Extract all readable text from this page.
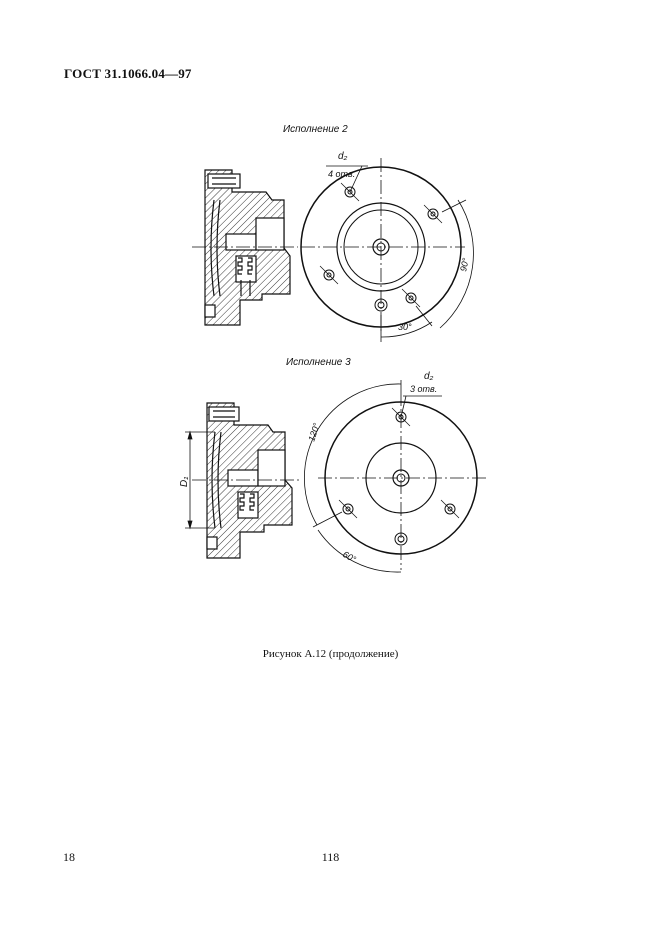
ГОСТ 31.1066.04—97
Исполнение 2
d₂
4 отв.
90°
30°
Исполнение 3
D₁
d₂
3 отв.
120°
60°
Рисунок А.12 (продолжение)
18	118
